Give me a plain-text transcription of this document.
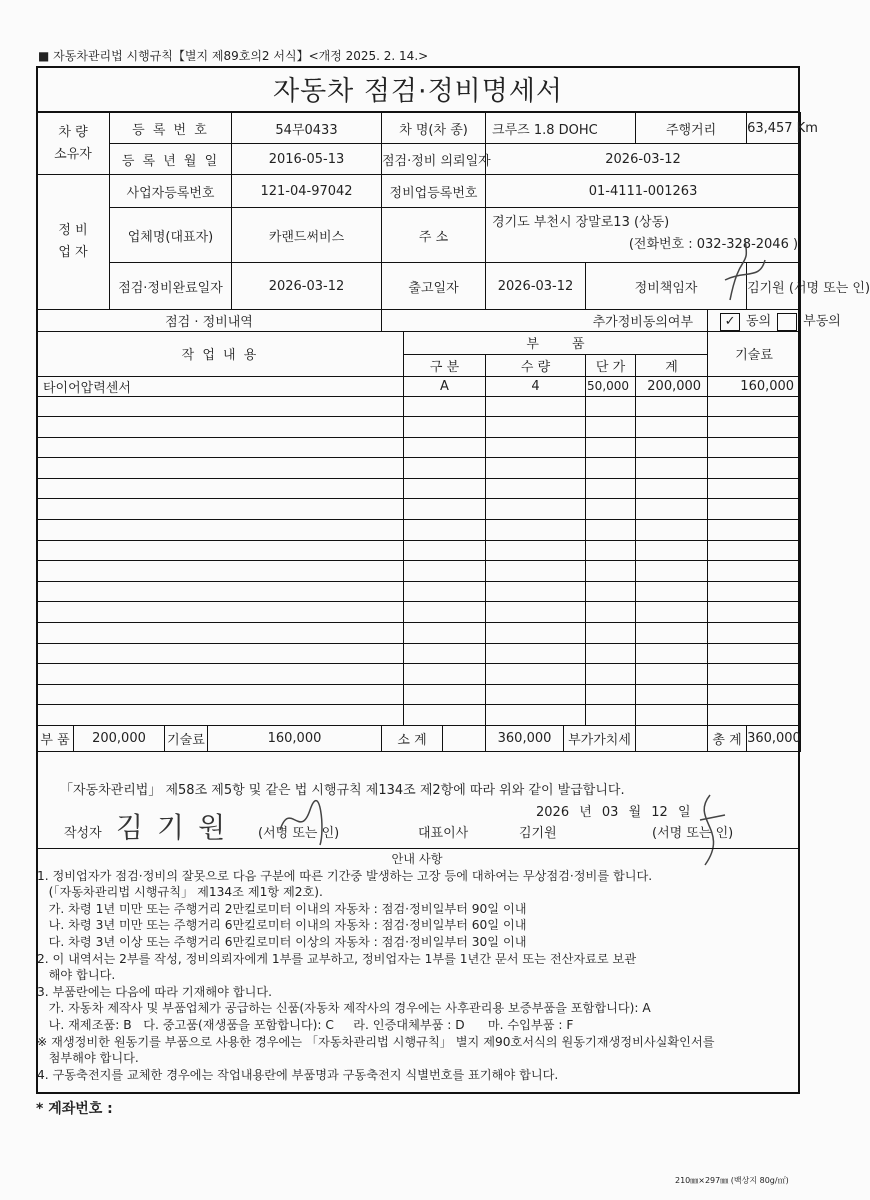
■ 자동차관리법 시행규칙【별지 제89호의2 서식】<개정 2025. 2. 14.>
자동차 점검·정비명세서
차 량
소유자	등 록 번 호	54무0433	차 명(차 종)		크루즈 1.8 DOHC			주행거리		63,457 Km
	등 록 년 월 일	2016-05-13	점검·정비 의뢰일자		2026-03-12					
정 비
업 자	사업자등록번호	121-04-97042	정비업등록번호		01-4111-001263					
	업체명(대표자)	카랜드써비스	주 소		경기도 부천시 장말로13 (상동)
(전화번호 : 032-328-2046 )					

	점검·정비완료일자	2026-03-12	출고일자		2026-03-12		정비책임자			김기원 (서명 또는 인)
점검 · 정비내역			추가정비동의여부						✓ 동의 부동의	
작 업 내 용				부        품					기술료	
				구 분	수 량		단 가	계		
타이어압력센서				A	4		50,000	200,000	160,000	

부 품 200,000 기술료 160,000			소 계		360,000	부가가치세			총 계	360,000
「자동차관리법」 제58조 제5항 및 같은 법 시행규칙 제134조 제2항에 따라 위와 같이 발급합니다.
2026 년 03 월 12 일
작성자 김기원 (서명 또는 인)	대표이사	김기원	(서명 또는 인)
안내 사항
1. 정비업자가 점검·정비의 잘못으로 다음 구분에 따른 기간중 발생하는 고장 등에 대하여는 무상점검·정비를 합니다.
(「자동차관리법 시행규칙」 제134조 제1항 제2호).
가. 차령 1년 미만 또는 주행거리 2만킬로미터 이내의 자동차 : 점검·정비일부터 90일 이내
나. 차령 3년 미만 또는 주행거리 6만킬로미터 이내의 자동차 : 점검·정비일부터 60일 이내
다. 차령 3년 이상 또는 주행거리 6만킬로미터 이상의 자동차 : 점검·정비일부터 30일 이내
2. 이 내역서는 2부를 작성, 정비의뢰자에게 1부를 교부하고, 정비업자는 1부를 1년간 문서 또는 전산자료로 보관
해야 합니다.
3. 부품란에는 다음에 따라 기재해야 합니다.
가. 자동차 제작사 및 부품업체가 공급하는 신품(자동차 제작사의 경우에는 사후관리용 보증부품을 포함합니다): A
나. 재제조품: B   다. 중고품(재생품을 포함합니다): C     라. 인증대체부품 : D      마. 수입부품 : F
※ 재생정비한 원동기를 부품으로 사용한 경우에는 「자동차관리법 시행규칙」 별지 제90호서식의 원동기재생정비사실확인서를
첨부해야 합니다.
4. 구동축전지를 교체한 경우에는 작업내용란에 부품명과 구동축전지 식별번호를 표기해야 합니다.
* 계좌번호 :
210㎜×297㎜ (백상지 80g/㎡)
